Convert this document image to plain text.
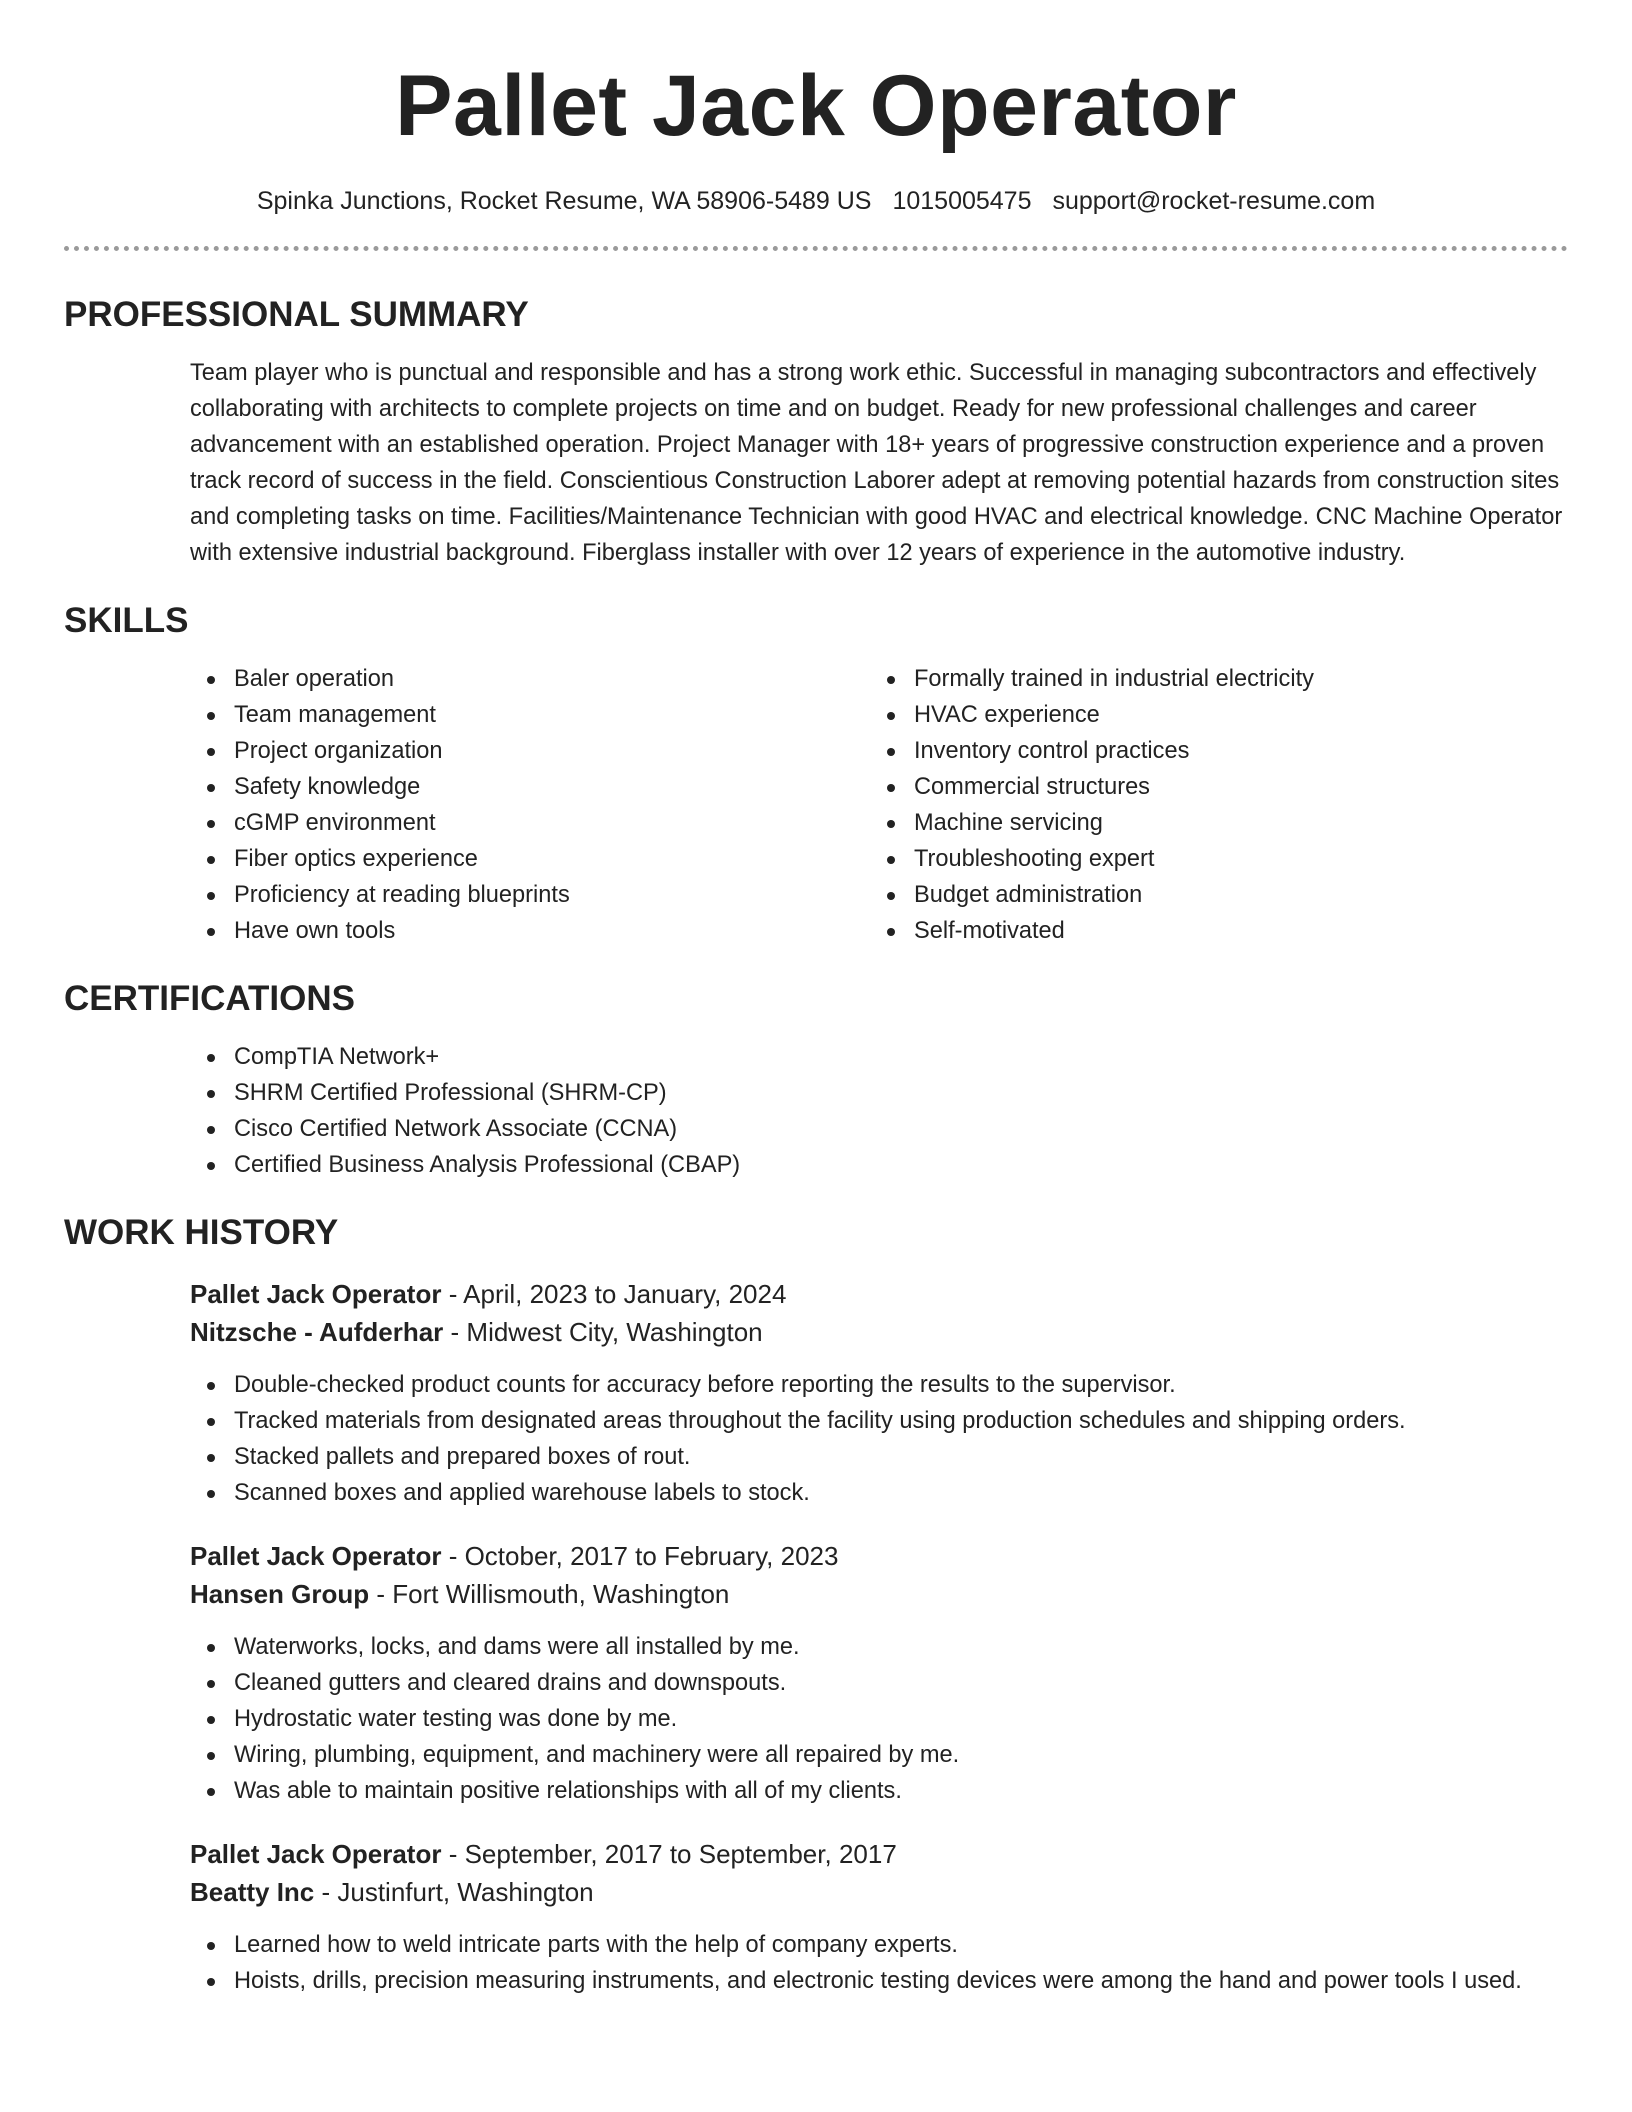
Pallet Jack Operator
Spinka Junctions, Rocket Resume, WA 58906-5489 US 1015005475 support@rocket-resume.com
PROFESSIONAL SUMMARY

Team player who is punctual and responsible and has a strong work ethic. Successful in managing subcontractors and effectively collaborating with architects to complete projects on time and on budget. Ready for new professional challenges and career advancement with an established operation. Project Manager with 18+ years of progressive construction experience and a proven track record of success in the field. Conscientious Construction Laborer adept at removing potential hazards from construction sites and completing tasks on time. Facilities/Maintenance Technician with good HVAC and electrical knowledge. CNC Machine Operator with extensive industrial background. Fiberglass installer with over 12 years of experience in the automotive industry.

SKILLS
Baler operation
Team management
Project organization
Safety knowledge
cGMP environment
Fiber optics experience
Proficiency at reading blueprints
Have own tools
Formally trained in industrial electricity
HVAC experience
Inventory control practices
Commercial structures
Machine servicing
Troubleshooting expert
Budget administration
Self-motivated
CERTIFICATIONS
CompTIA Network+
SHRM Certified Professional (SHRM-CP)
Cisco Certified Network Associate (CCNA)
Certified Business Analysis Professional (CBAP)
WORK HISTORY
Pallet Jack Operator - April, 2023 to January, 2024
Nitzsche - Aufderhar - Midwest City, Washington
Double-checked product counts for accuracy before reporting the results to the supervisor.
Tracked materials from designated areas throughout the facility using production schedules and shipping orders.
Stacked pallets and prepared boxes of rout.
Scanned boxes and applied warehouse labels to stock.
Pallet Jack Operator - October, 2017 to February, 2023
Hansen Group - Fort Willismouth, Washington
Waterworks, locks, and dams were all installed by me.
Cleaned gutters and cleared drains and downspouts.
Hydrostatic water testing was done by me.
Wiring, plumbing, equipment, and machinery were all repaired by me.
Was able to maintain positive relationships with all of my clients.
Pallet Jack Operator - September, 2017 to September, 2017
Beatty Inc - Justinfurt, Washington
Learned how to weld intricate parts with the help of company experts.
Hoists, drills, precision measuring instruments, and electronic testing devices were among the hand and power tools I used.
